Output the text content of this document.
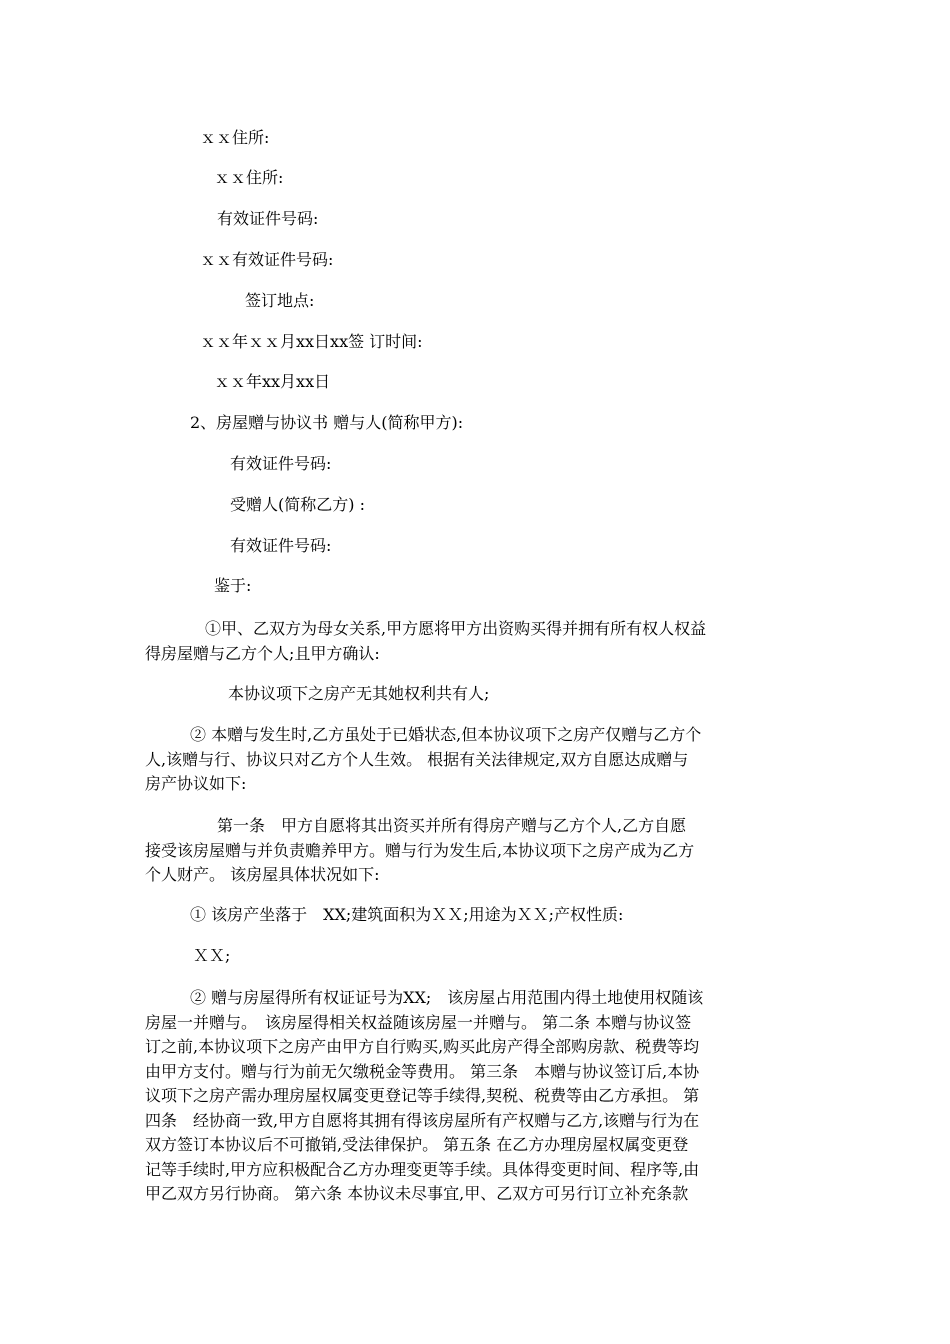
ｘｘ住所:
ｘｘ住所:
有效证件号码:
ｘｘ有效证件号码:
签订地点:
ｘｘ年ｘｘ月xx日xx签 订时间:
ｘｘ年xx月xx日
2、房屋赠与协议书 赠与人(简称甲方):
有效证件号码:
受赠人(简称乙方) :
有效证件号码:
鉴于:
①甲、乙双方为母女关系,甲方愿将甲方出资购买得并拥有所有权人权益
得房屋赠与乙方个人;且甲方确认:
本协议项下之房产无其她权利共有人;
② 本赠与发生时,乙方虽处于已婚状态,但本协议项下之房产仅赠与乙方个
人,该赠与行、协议只对乙方个人生效。 根据有关法律规定,双方自愿达成赠与
房产协议如下:
第一条　甲方自愿将其出资买并所有得房产赠与乙方个人,乙方自愿
接受该房屋赠与并负责赡养甲方。赠与行为发生后,本协议项下之房产成为乙方
个人财产。 该房屋具体状况如下:
① 该房产坐落于　XX;建筑面积为ＸＸ;用途为ＸＸ;产权性质:
ＸＸ;
② 赠与房屋得所有权证证号为XX;　该房屋占用范围内得土地使用权随该
房屋一并赠与。　该房屋得相关权益随该房屋一并赠与。 第二条 本赠与协议签
订之前,本协议项下之房产由甲方自行购买,购买此房产得全部购房款、税费等均
由甲方支付。赠与行为前无欠缴税金等费用。 第三条　本赠与协议签订后,本协
议项下之房产需办理房屋权属变更登记等手续得,契税、税费等由乙方承担。 第
四条　经协商一致,甲方自愿将其拥有得该房屋所有产权赠与乙方,该赠与行为在
双方签订本协议后不可撤销,受法律保护。 第五条 在乙方办理房屋权属变更登
记等手续时,甲方应积极配合乙方办理变更等手续。具体得变更时间、程序等,由
甲乙双方另行协商。 第六条 本协议未尽事宜,甲、乙双方可另行订立补充条款
